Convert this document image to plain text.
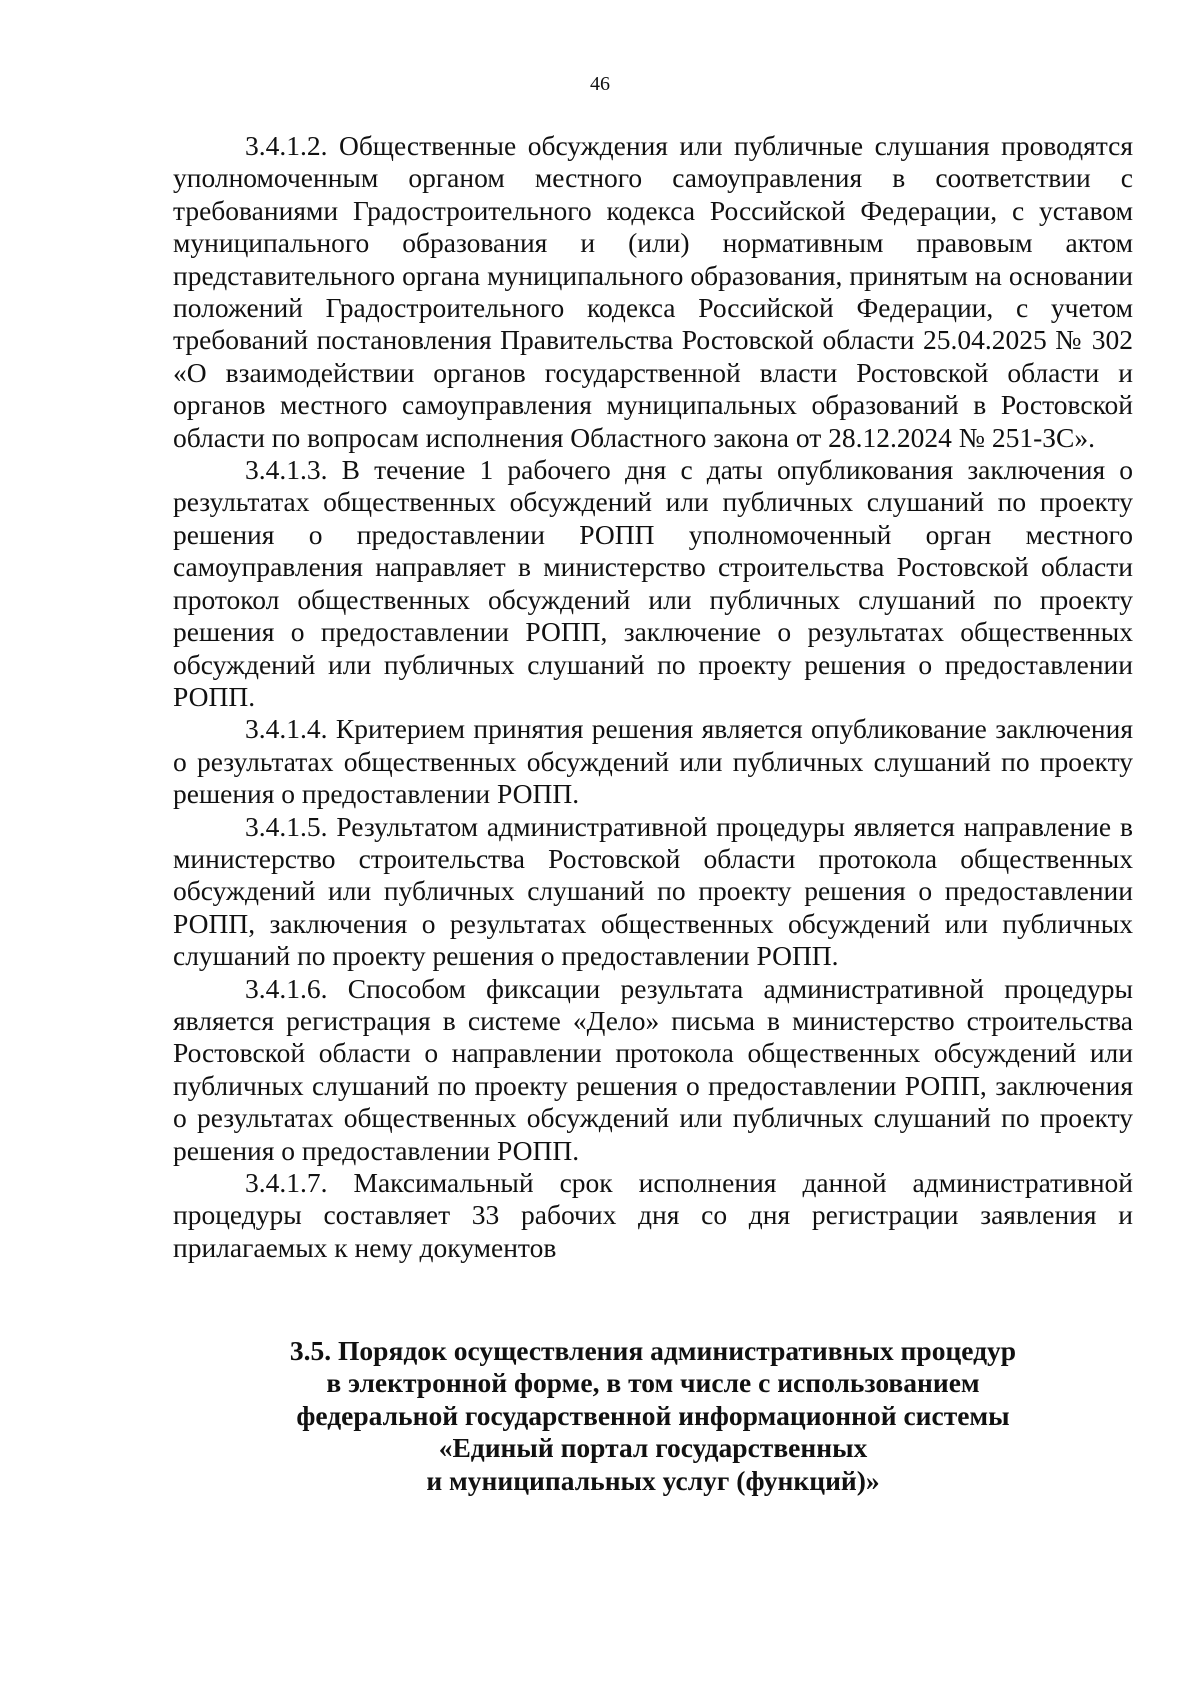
46

3.4.1.2. Общественные обсуждения или публичные слушания проводятся уполномоченным органом местного самоуправления в соответствии с требованиями Градостроительного кодекса Российской Федерации, с уставом муниципального образования и (или) нормативным правовым актом представительного органа муниципального образования, принятым на основании положений Градостроительного кодекса Российской Федерации, с учетом требований постановления Правительства Ростовской области 25.04.2025 № 302 «О взаимодействии органов государственной власти Ростовской области и органов местного самоуправления муниципальных образований в Ростовской области по вопросам исполнения Областного закона от 28.12.2024 № 251-ЗС».

3.4.1.3. В течение 1 рабочего дня с даты опубликования заключения о результатах общественных обсуждений или публичных слушаний по проекту решения о предоставлении РОПП уполномоченный орган местного самоуправления направляет в министерство строительства Ростовской области протокол общественных обсуждений или публичных слушаний по проекту решения о предоставлении РОПП, заключение о результатах общественных обсуждений или публичных слушаний по проекту решения о предоставлении РОПП.

3.4.1.4. Критерием принятия решения является опубликование заключения о результатах общественных обсуждений или публичных слушаний по проекту решения о предоставлении РОПП.

3.4.1.5. Результатом административной процедуры является направление в министерство строительства Ростовской области протокола общественных обсуждений или публичных слушаний по проекту решения о предоставлении РОПП, заключения о результатах общественных обсуждений или публичных слушаний по проекту решения о предоставлении РОПП.

3.4.1.6. Способом фиксации результата административной процедуры является регистрация в системе «Дело» письма в министерство строительства Ростовской области о направлении протокола общественных обсуждений или публичных слушаний по проекту решения о предоставлении РОПП, заключения о результатах общественных обсуждений или публичных слушаний по проекту решения о предоставлении РОПП.

3.4.1.7. Максимальный срок исполнения данной административной процедуры составляет 33 рабочих дня со дня регистрации заявления и прилагаемых к нему документов

3.5. Порядок осуществления административных процедур
в электронной форме, в том числе с использованием
федеральной государственной информационной системы
«Единый портал государственных
и муниципальных услуг (функций)»
